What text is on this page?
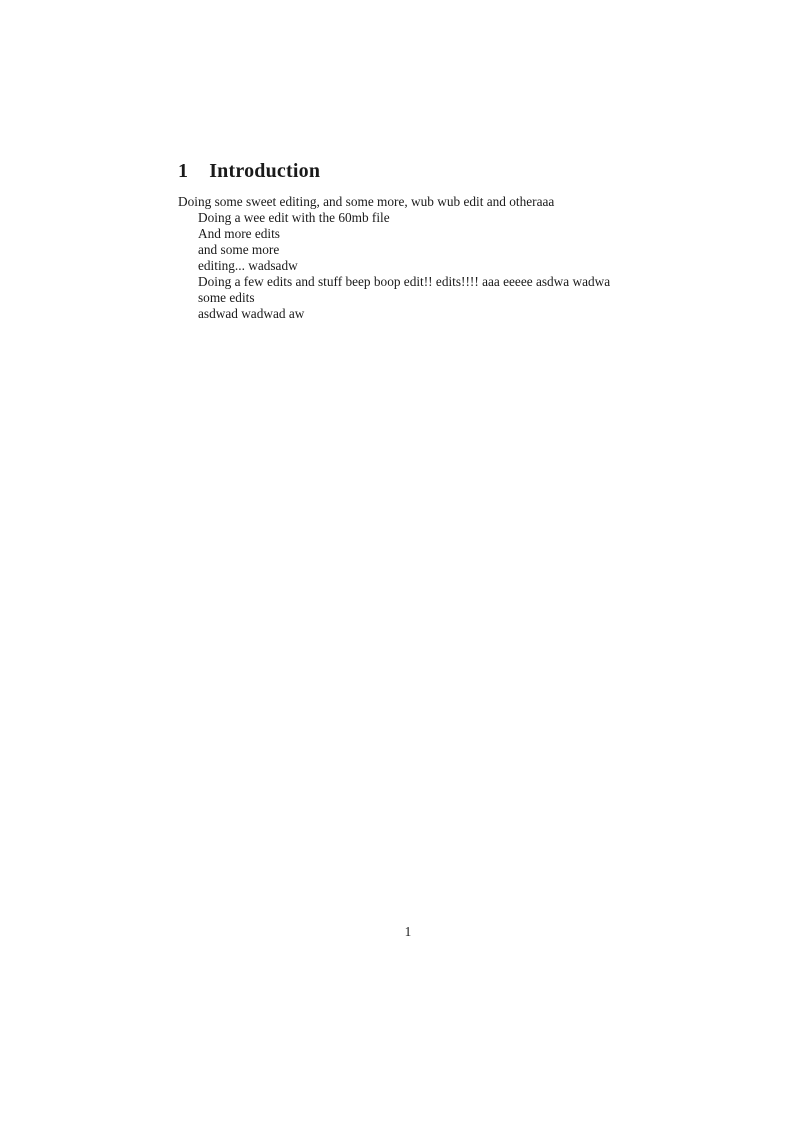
1 Introduction

Doing some sweet editing, and some more, wub wub edit and otheraaa

Doing a wee edit with the 60mb file

And more edits

and some more

editing... wadsadw

Doing a few edits and stuff beep boop edit!! edits!!!! aaa eeeee asdwa wadwa

some edits

asdwad wadwad aw

1
